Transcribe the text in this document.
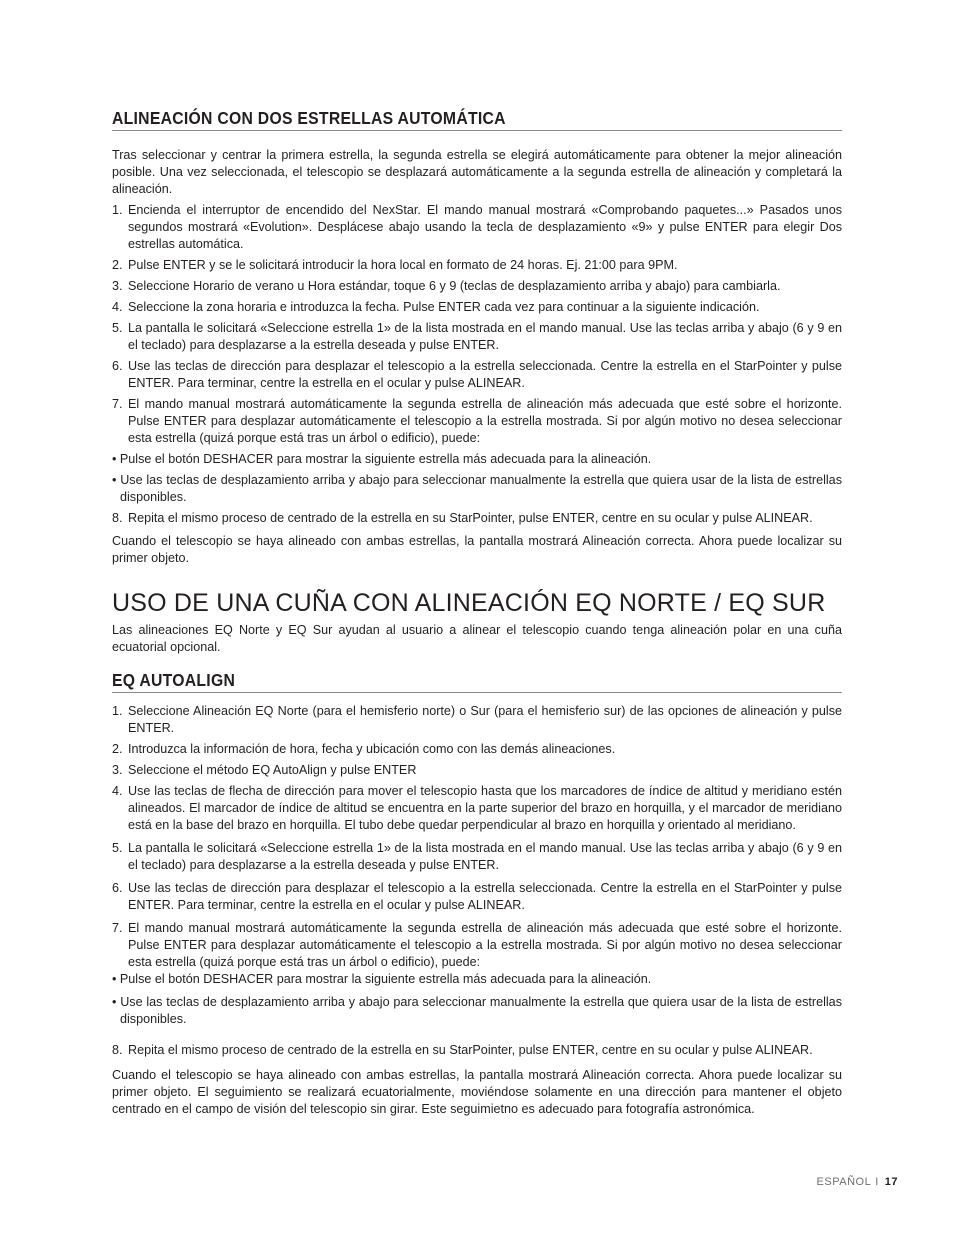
ALINEACIÓN CON DOS ESTRELLAS AUTOMÁTICA

Tras seleccionar y centrar la primera estrella, la segunda estrella se elegirá automáticamente para obtener la mejor alineación posible. Una vez seleccionada, el telescopio se desplazará automáticamente a la segunda estrella de alineación y completará la alineación.

1. Encienda el interruptor de encendido del NexStar. El mando manual mostrará «Comprobando paquetes...» Pasados unos segundos mostrará «Evolution». Desplácese abajo usando la tecla de desplazamiento «9» y pulse ENTER para elegir Dos estrellas automática.
2. Pulse ENTER y se le solicitará introducir la hora local en formato de 24 horas. Ej. 21:00 para 9PM.
3. Seleccione Horario de verano u Hora estándar, toque 6 y 9 (teclas de desplazamiento arriba y abajo) para cambiarla.
4. Seleccione la zona horaria e introduzca la fecha. Pulse ENTER cada vez para continuar a la siguiente indicación.
5. La pantalla le solicitará «Seleccione estrella 1» de la lista mostrada en el mando manual. Use las teclas arriba y abajo (6 y 9 en el teclado) para desplazarse a la estrella deseada y pulse ENTER.
6. Use las teclas de dirección para desplazar el telescopio a la estrella seleccionada. Centre la estrella en el StarPointer y pulse ENTER. Para terminar, centre la estrella en el ocular y pulse ALINEAR.
7. El mando manual mostrará automáticamente la segunda estrella de alineación más adecuada que esté sobre el horizonte. Pulse ENTER para desplazar automáticamente el telescopio a la estrella mostrada. Si por algún motivo no desea seleccionar esta estrella (quizá porque está tras un árbol o edificio), puede:

• Pulse el botón DESHACER para mostrar la siguiente estrella más adecuada para la alineación.

• Use las teclas de desplazamiento arriba y abajo para seleccionar manualmente la estrella que quiera usar de la lista de estrellas disponibles.

8. Repita el mismo proceso de centrado de la estrella en su StarPointer, pulse ENTER, centre en su ocular y pulse ALINEAR.

Cuando el telescopio se haya alineado con ambas estrellas, la pantalla mostrará Alineación correcta. Ahora puede localizar su primer objeto.

USO DE UNA CUÑA CON ALINEACIÓN EQ NORTE / EQ SUR

Las alineaciones EQ Norte y EQ Sur ayudan al usuario a alinear el telescopio cuando tenga alineación polar en una cuña ecuatorial opcional.

EQ AUTOALIGN
1. Seleccione Alineación EQ Norte (para el hemisferio norte) o Sur (para el hemisferio sur) de las opciones de alineación y pulse ENTER.
2. Introduzca la información de hora, fecha y ubicación como con las demás alineaciones.
3. Seleccione el método EQ AutoAlign y pulse ENTER
4. Use las teclas de flecha de dirección para mover el telescopio hasta que los marcadores de índice de altitud y meridiano estén alineados. El marcador de índice de altitud se encuentra en la parte superior del brazo en horquilla, y el marcador de meridiano está en la base del brazo en horquilla. El tubo debe quedar perpendicular al brazo en horquilla y orientado al meridiano.
5. La pantalla le solicitará «Seleccione estrella 1» de la lista mostrada en el mando manual. Use las teclas arriba y abajo (6 y 9 en el teclado) para desplazarse a la estrella deseada y pulse ENTER.
6. Use las teclas de dirección para desplazar el telescopio a la estrella seleccionada. Centre la estrella en el StarPointer y pulse ENTER. Para terminar, centre la estrella en el ocular y pulse ALINEAR.
7. El mando manual mostrará automáticamente la segunda estrella de alineación más adecuada que esté sobre el horizonte. Pulse ENTER para desplazar automáticamente el telescopio a la estrella mostrada. Si por algún motivo no desea seleccionar esta estrella (quizá porque está tras un árbol o edificio), puede:

• Pulse el botón DESHACER para mostrar la siguiente estrella más adecuada para la alineación.

• Use las teclas de desplazamiento arriba y abajo para seleccionar manualmente la estrella que quiera usar de la lista de estrellas disponibles.

8. Repita el mismo proceso de centrado de la estrella en su StarPointer, pulse ENTER, centre en su ocular y pulse ALINEAR.

Cuando el telescopio se haya alineado con ambas estrellas, la pantalla mostrará Alineación correcta. Ahora puede localizar su primer objeto. El seguimiento se realizará ecuatorialmente, moviéndose solamente en una dirección para mantener el objeto centrado en el campo de visión del telescopio sin girar. Este seguimietno es adecuado para fotografía astronómica.

ESPAÑOL I 17
